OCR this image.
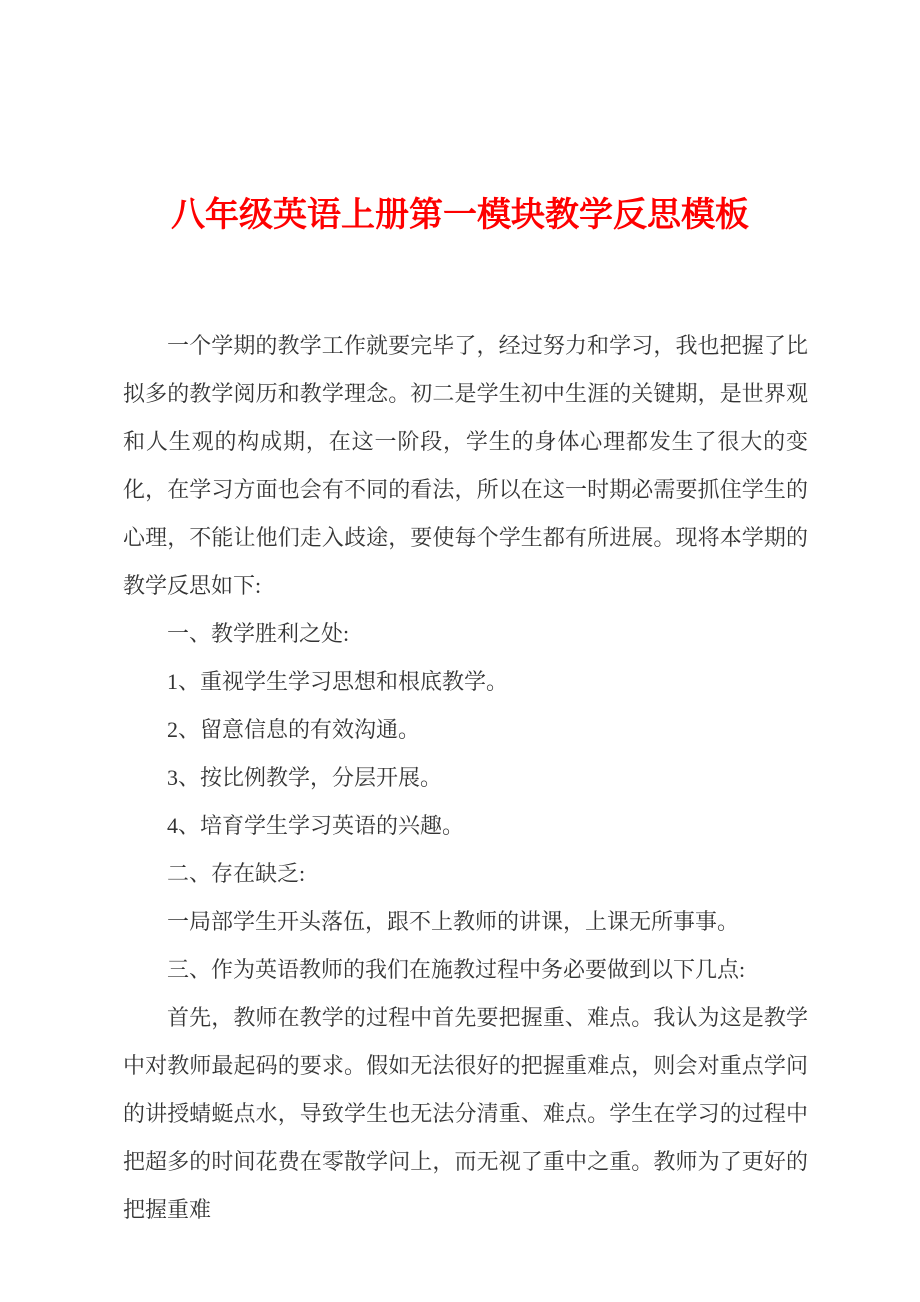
八年级英语上册第一模块教学反思模板

一个学期的教学工作就要完毕了，经过努力和学习，我也把握了比拟多的教学阅历和教学理念。初二是学生初中生涯的关键期，是世界观和人生观的构成期，在这一阶段，学生的身体心理都发生了很大的变化，在学习方面也会有不同的看法，所以在这一时期必需要抓住学生的心理，不能让他们走入歧途，要使每个学生都有所进展。现将本学期的教学反思如下:

一、教学胜利之处:

1、重视学生学习思想和根底教学。

2、留意信息的有效沟通。

3、按比例教学，分层开展。

4、培育学生学习英语的兴趣。

二、存在缺乏:

一局部学生开头落伍，跟不上教师的讲课，上课无所事事。

三、作为英语教师的我们在施教过程中务必要做到以下几点:

首先，教师在教学的过程中首先要把握重、难点。我认为这是教学中对教师最起码的要求。假如无法很好的把握重难点，则会对重点学问的讲授蜻蜓点水，导致学生也无法分清重、难点。学生在学习的过程中把超多的时间花费在零散学问上，而无视了重中之重。教师为了更好的把握重难
